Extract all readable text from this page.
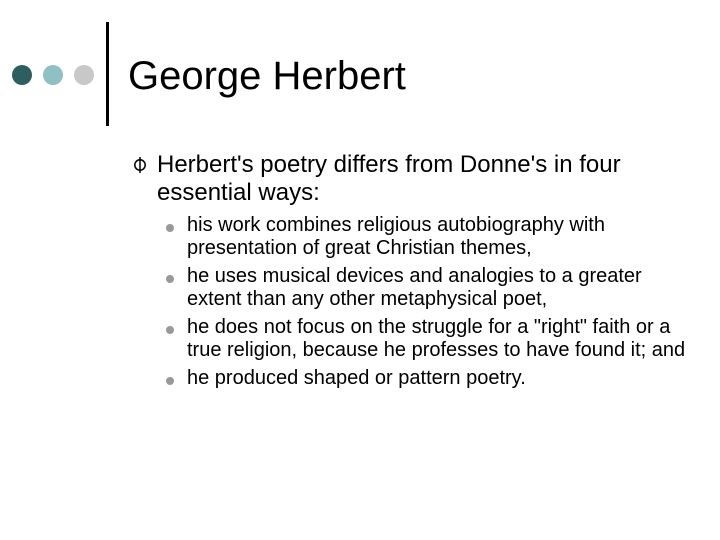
George Herbert
Herbert's poetry differs from Donne's in four essential ways:
his work combines religious autobiography with presentation of great Christian themes,
he uses musical devices and analogies to a greater extent than any other metaphysical poet,
he does not focus on the struggle for a "right" faith or a true religion, because he professes to have found it; and
he produced shaped or pattern poetry.
